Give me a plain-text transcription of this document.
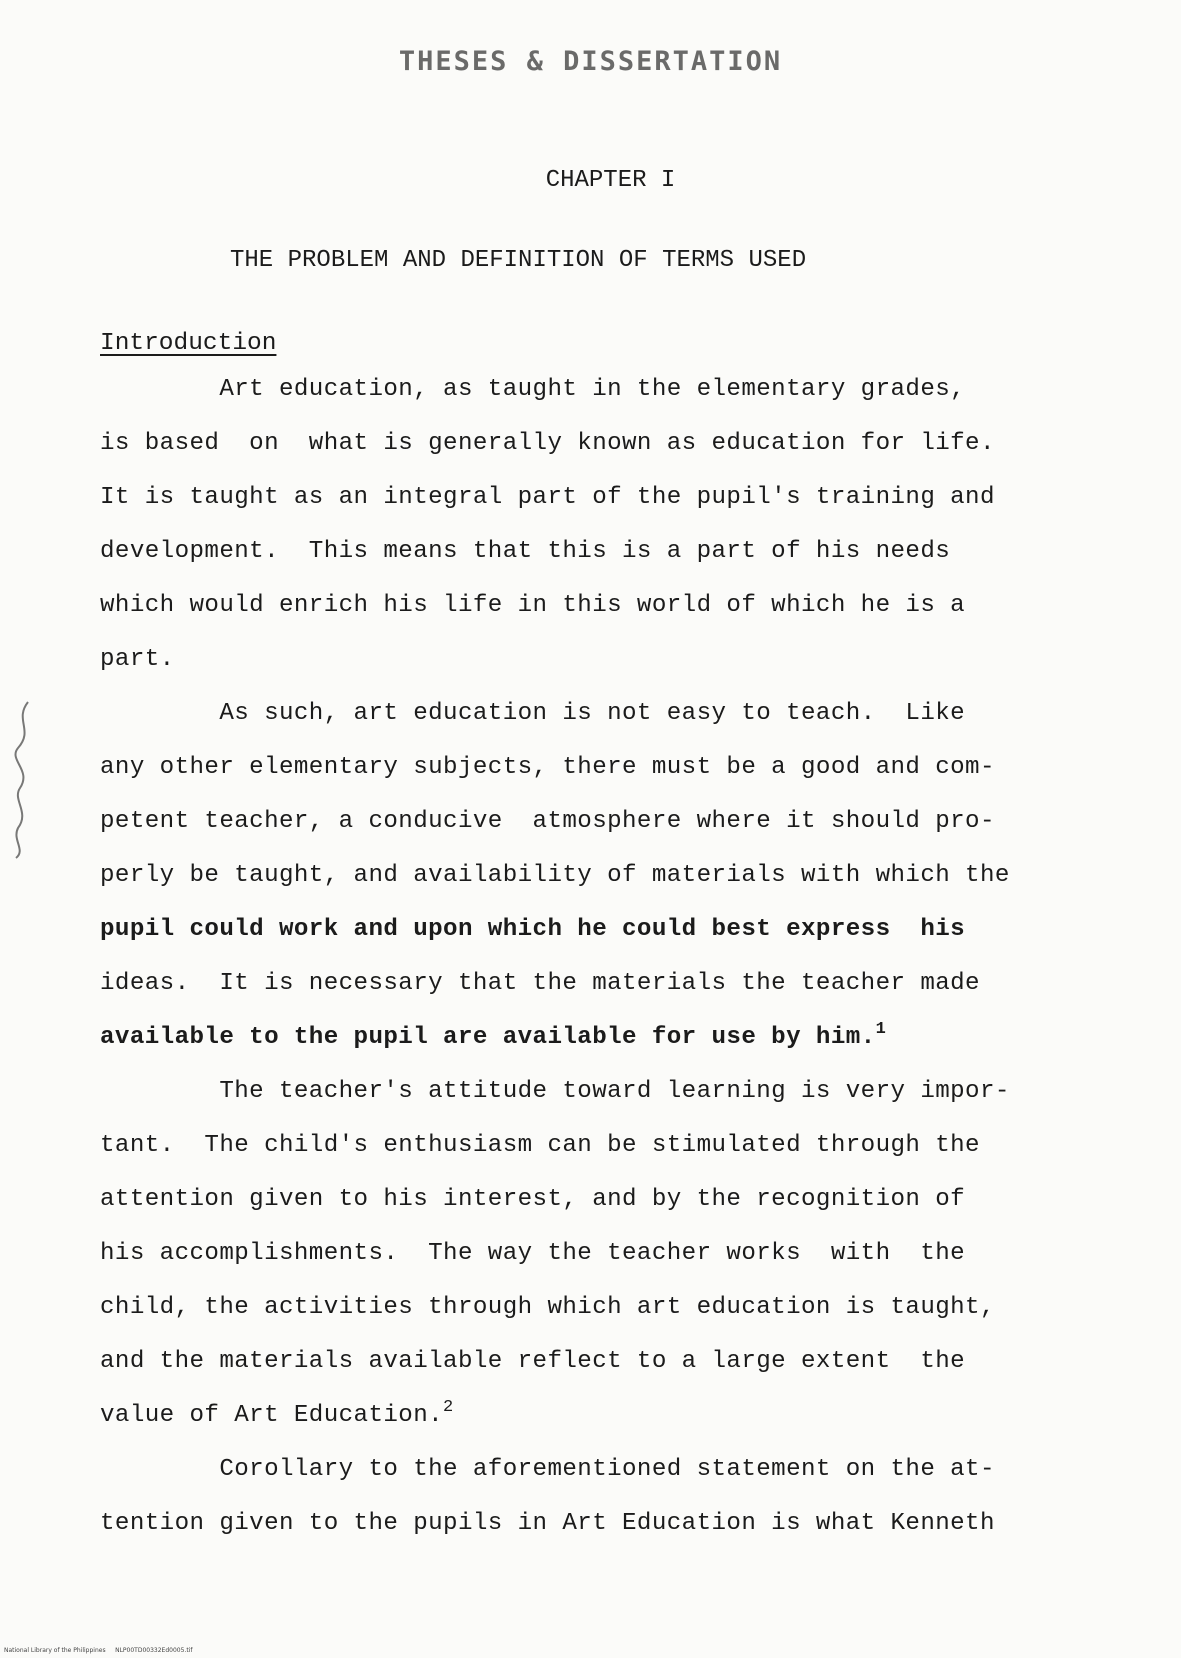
THESES & DISSERTATION
CHAPTER I
THE PROBLEM AND DEFINITION OF TERMS USED
Introduction
Art education, as taught in the elementary grades,
is based  on  what is generally known as education for life.
It is taught as an integral part of the pupil's training and
development.  This means that this is a part of his needs
which would enrich his life in this world of which he is a
part.
As such, art education is not easy to teach.  Like
any other elementary subjects, there must be a good and com-
petent teacher, a conducive  atmosphere where it should pro-
perly be taught, and availability of materials with which the
pupil could work and upon which he could best express  his
ideas.  It is necessary that the materials the teacher made
available to the pupil are available for use by him.$^1$
The teacher's attitude toward learning is very impor-
tant.  The child's enthusiasm can be stimulated through the
attention given to his interest, and by the recognition of
his accomplishments.  The way the teacher works  with  the
child, the activities through which art education is taught,
and the materials available reflect to a large extent  the
value of Art Education.$^2$
Corollary to the aforementioned statement on the at-
tention given to the pupils in Art Education is what Kenneth
National Library of the Philippines     NLP00TD00332Ed0005.tif
